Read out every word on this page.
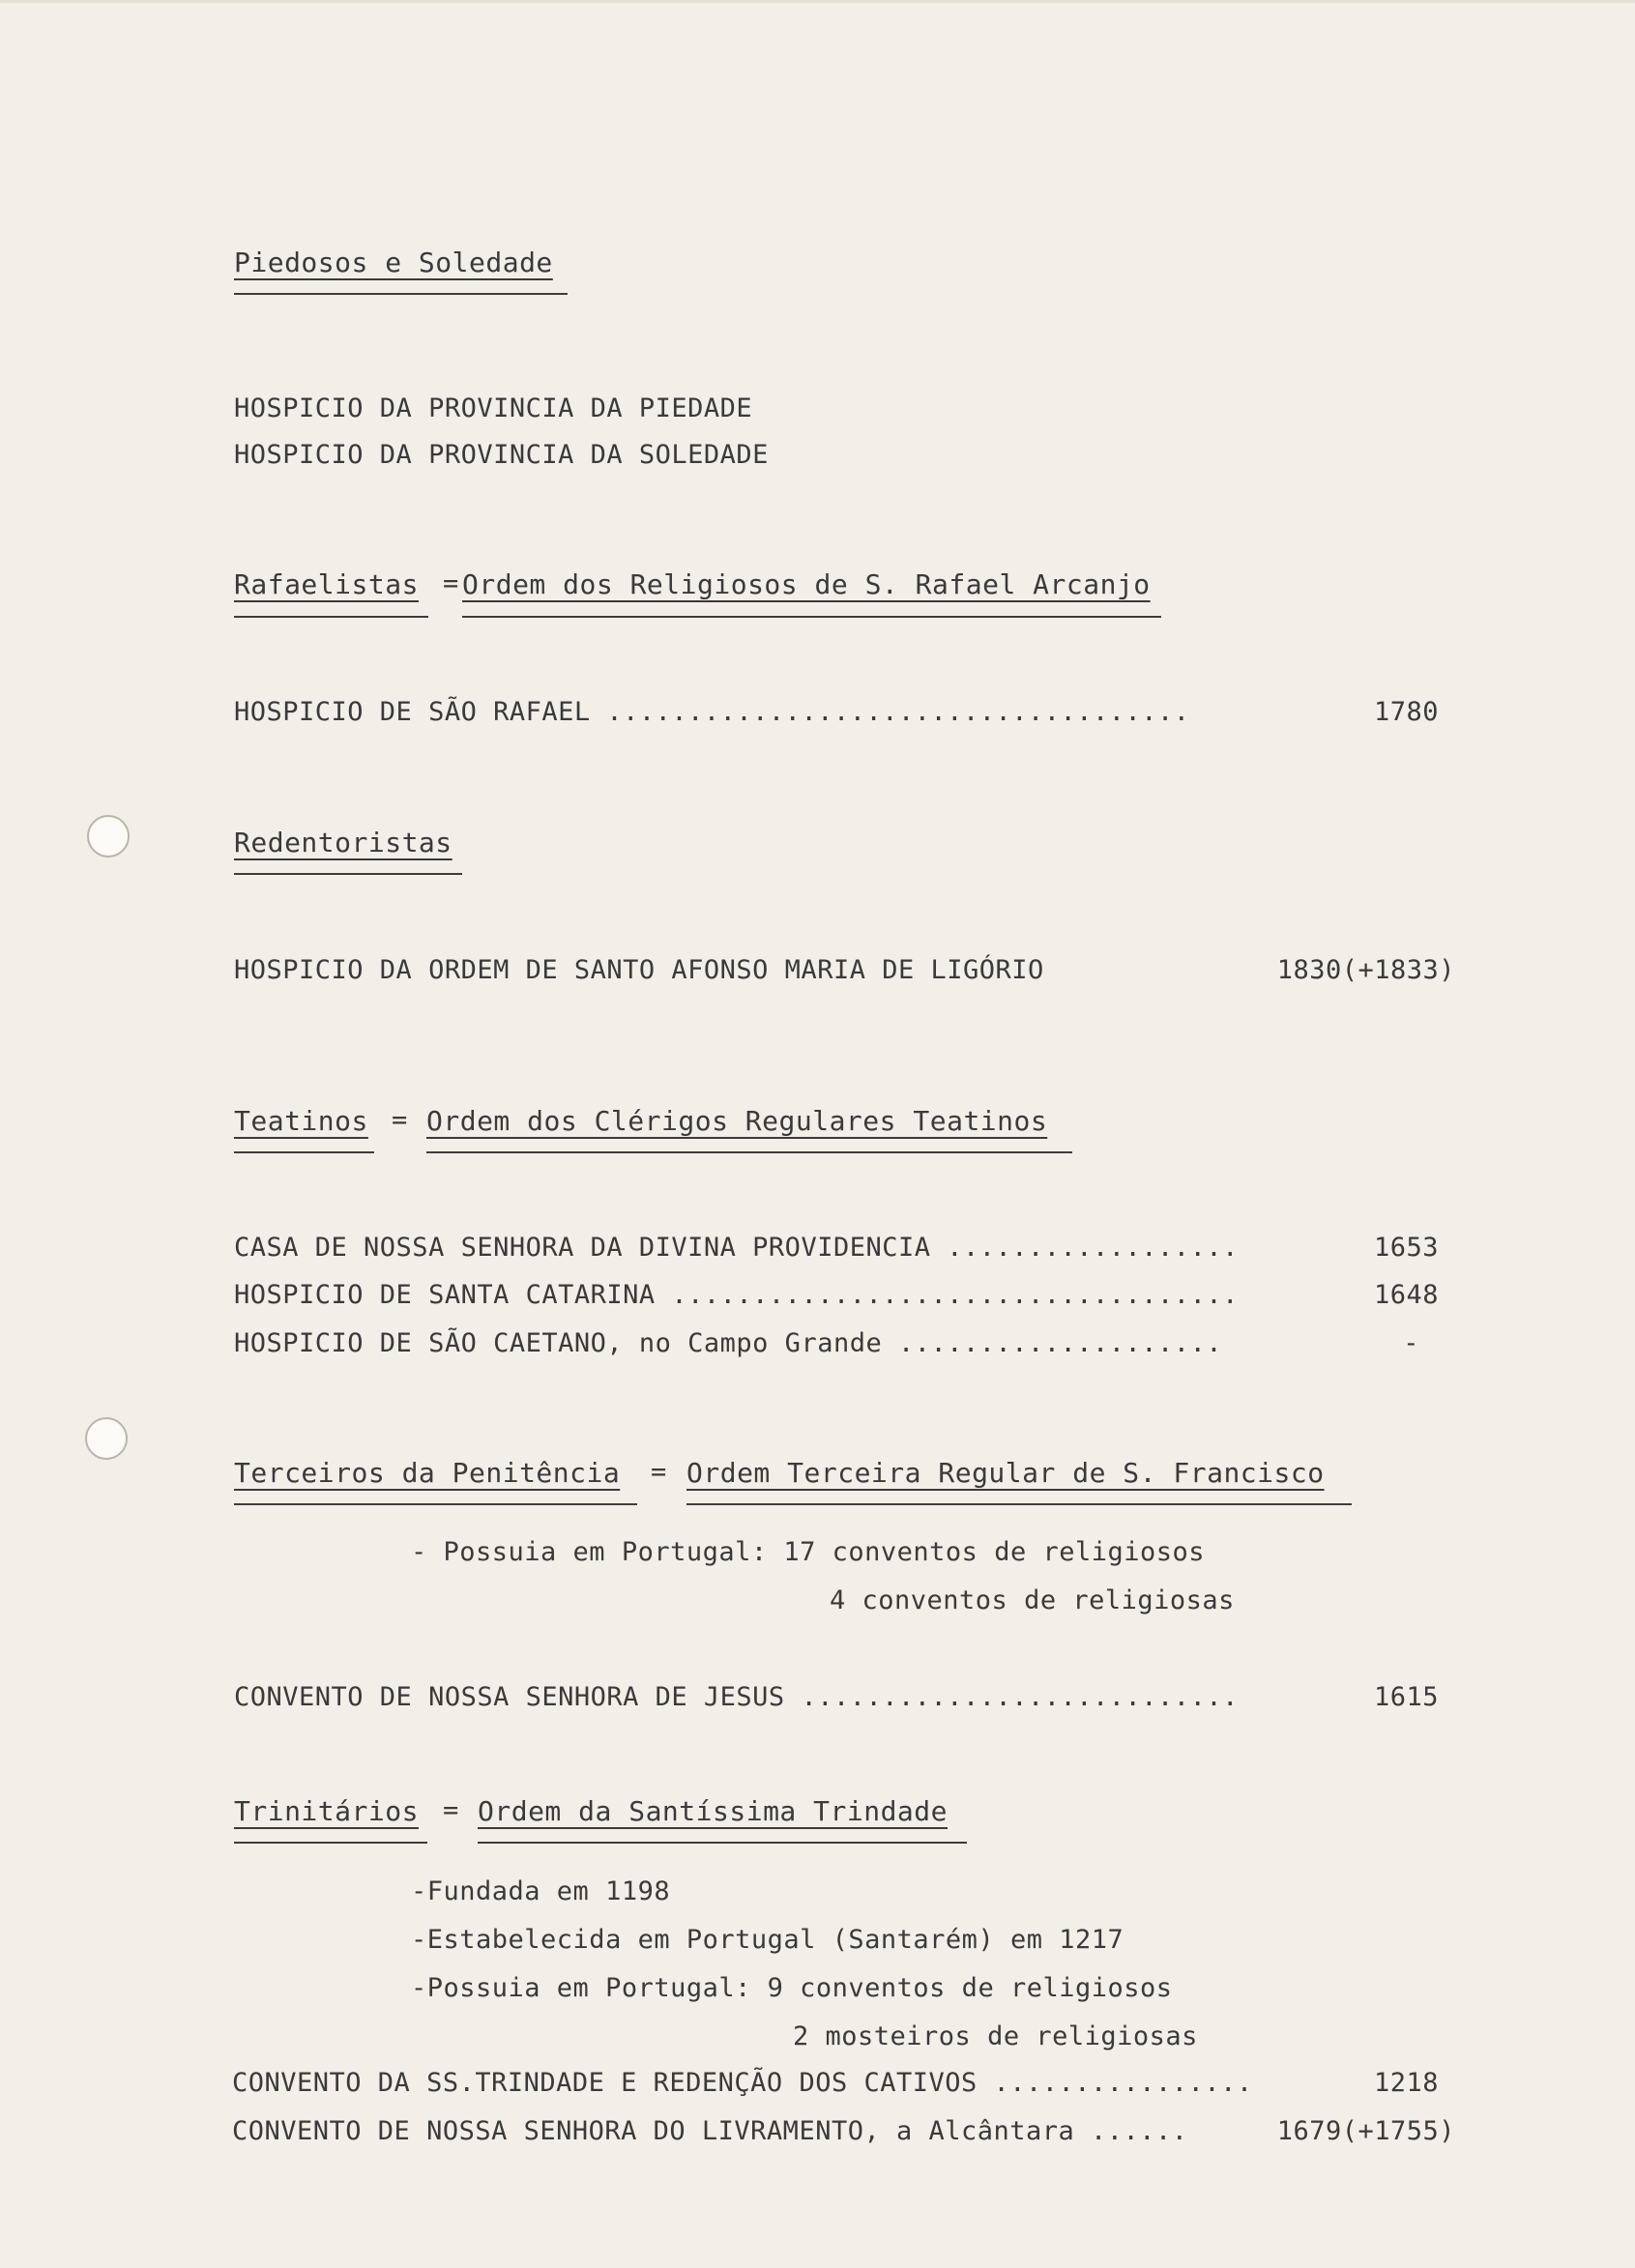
Piedosos e Soledade
HOSPICIO DA PROVINCIA DA PIEDADE
HOSPICIO DA PROVINCIA DA SOLEDADE
Rafaelistas = Ordem dos Religiosos de S. Rafael Arcanjo
HOSPICIO DE SÃO RAFAEL ....................................	1780
Redentoristas
HOSPICIO DA ORDEM DE SANTO AFONSO MARIA DE LIGÓRIO	1830(+1833)
Teatinos = Ordem dos Clérigos Regulares Teatinos
CASA DE NOSSA SENHORA DA DIVINA PROVIDENCIA ..................	1653
HOSPICIO DE SANTA CATARINA ...................................	1648
HOSPICIO DE SÃO CAETANO, no Campo Grande ....................	-
Terceiros da Penitência = Ordem Terceira Regular de S. Francisco
- Possuia em Portugal: 17 conventos de religiosos
4 conventos de religiosas
CONVENTO DE NOSSA SENHORA DE JESUS ...........................	1615
Trinitários = Ordem da Santíssima Trindade
-Fundada em 1198
-Estabelecida em Portugal (Santarém) em 1217
-Possuia em Portugal: 9 conventos de religiosos
2 mosteiros de religiosas
CONVENTO DA SS.TRINDADE E REDENÇÃO DOS CATIVOS ................	1218
CONVENTO DE NOSSA SENHORA DO LIVRAMENTO, a Alcântara ......	1679(+1755)
